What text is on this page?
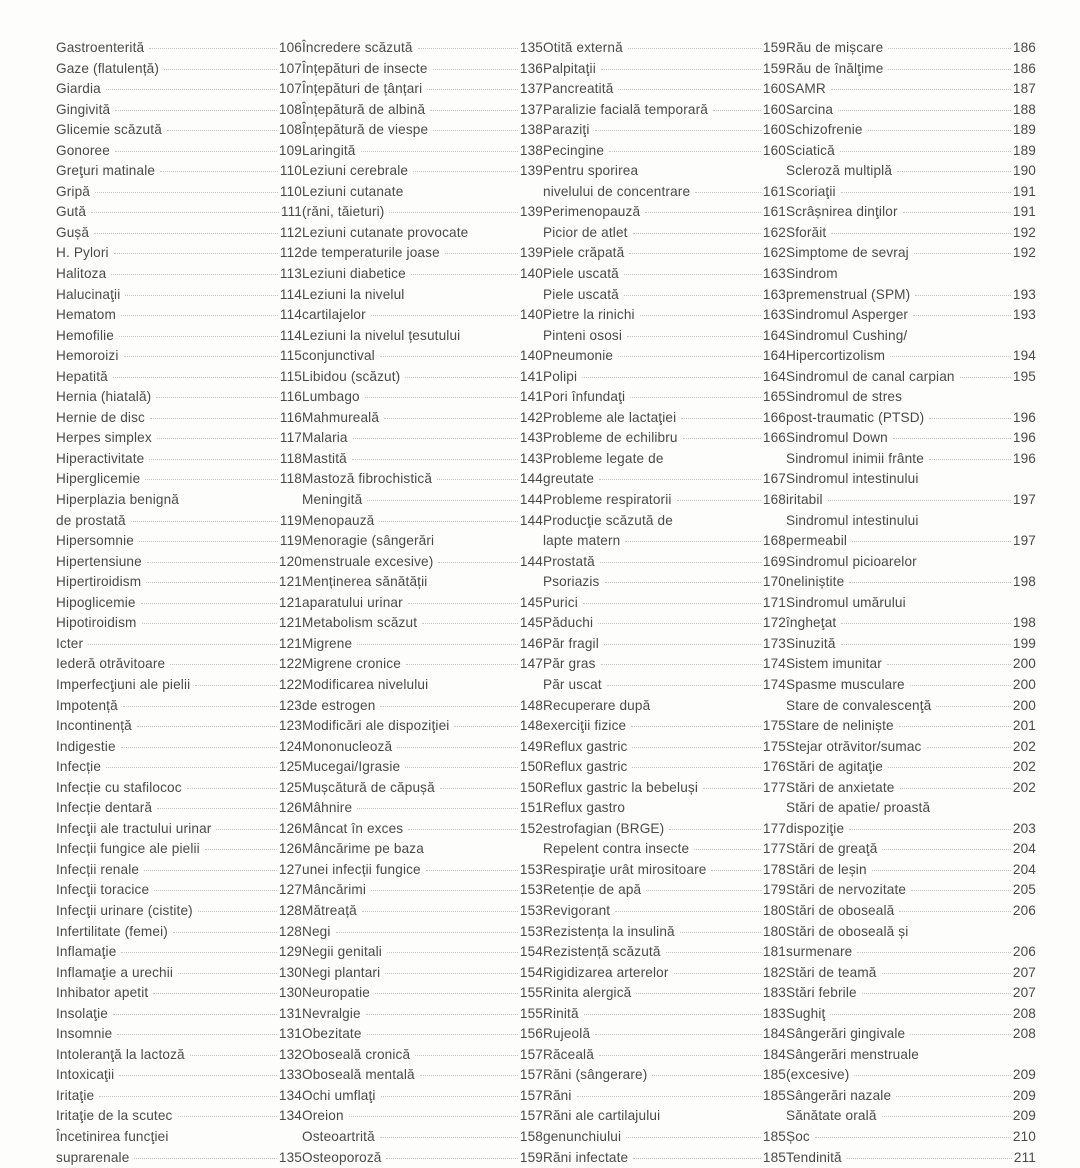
Gastroenterită	106
Gaze (flatulență)	107
Giardia	107
Gingivită	108
Glicemie scăzută	108
Gonoree	109
Greţuri matinale	110
Gripă	110
Gută	111
Gușă	112
H. Pylori	112
Halitoza	113
Halucinaţii	114
Hematom	114
Hemofilie	114
Hemoroizi	115
Hepatită	115
Hernia (hiatală)	116
Hernie de disc	116
Herpes simplex	117
Hiperactivitate	118
Hiperglicemie	118
Hiperplazia benignă
de prostată	119
Hipersomnie	119
Hipertensiune	120
Hipertiroidism	121
Hipoglicemie	121
Hipotiroidism	121
Icter	121
Iederă otrăvitoare	122
Imperfecţiuni ale pielii	122
Impotență	123
Incontinență	123
Indigestie	124
Infecție	125
Infecție cu stafilococ	125
Infecție dentară	126
Infecţii ale tractului urinar	126
Infecții fungice ale pielii	126
Infecții renale	127
Infecţii toracice	127
Infecţii urinare (cistite)	128
Infertilitate (femei)	128
Inflamaţie	129
Inflamaţie a urechii	130
Inhibator apetit	130
Insolaţie	131
Insomnie	131
Intoleranţă la lactoză	132
Intoxicaţii	133
Iritaţie	134
Iritaţie de la scutec	134
Încetinirea funcţiei
suprarenale	135
Încredere scăzută	135
Înțepături de insecte	136
Înțepături de țânțari	137
Înțepătură de albină	137
Înțepătură de viespe	138
Laringită	138
Leziuni cerebrale	139
Leziuni cutanate
(răni, tăieturi)	139
Leziuni cutanate provocate
de temperaturile joase	139
Leziuni diabetice	140
Leziuni la nivelul
cartilajelor	140
Leziuni la nivelul țesutului
conjunctival	140
Libidou (scăzut)	141
Lumbago	141
Mahmureală	142
Malaria	143
Mastită	143
Mastoză fibrochistică	144
Meningită	144
Menopauză	144
Menoragie (sângerări
menstruale excesive)	144
Menținerea sănătății
aparatului urinar	145
Metabolism scăzut	145
Migrene	146
Migrene cronice	147
Modificarea nivelului
de estrogen	148
Modificări ale dispoziţiei	148
Mononucleoză	149
Mucegai/Igrasie	150
Mușcătură de căpușă	150
Mâhnire	151
Mâncat în exces	152
Mâncărime pe baza
unei infecții fungice	153
Mâncărimi	153
Mătreață	153
Negi	153
Negii genitali	154
Negi plantari	154
Neuropatie	155
Nevralgie	155
Obezitate	156
Oboseală cronică	157
Oboseală mentală	157
Ochi umflaţi	157
Oreion	157
Osteoartrită	158
Osteoporoză	159
Otită externă	159
Palpitaţii	159
Pancreatită	160
Paralizie facială temporară	160
Paraziţi	160
Pecingine	160
Pentru sporirea
nivelului de concentrare	161
Perimenopauză	161
Picior de atlet	162
Piele crăpată	162
Piele uscată	163
Piele uscată	163
Pietre la rinichi	163
Pinteni ososi	164
Pneumonie	164
Polipi	164
Pori înfundaţi	165
Probleme ale lactaţiei	166
Probleme de echilibru	166
Probleme legate de
greutate	167
Probleme respiratorii	168
Producţie scăzută de
lapte matern	168
Prostată	169
Psoriazis	170
Purici	171
Păduchi	172
Păr fragil	173
Păr gras	174
Păr uscat	174
Recuperare după
exerciţii fizice	175
Reflux gastric	175
Reflux gastric	176
Reflux gastric la bebeluși	177
Reflux gastro
estrofagian (BRGE)	177
Repelent contra insecte	177
Respiraţie urât mirositoare	178
Retenție de apă	179
Revigorant	180
Rezistența la insulină	180
Rezistență scăzută	181
Rigidizarea arterelor	182
Rinita alergică	183
Rinită	183
Rujeolă	184
Răceală	184
Răni (sângerare)	185
Răni	185
Răni ale cartilajului
genunchiului	185
Răni infectate	185
Rău de mișcare	186
Rău de înălţime	186
SAMR	187
Sarcina	188
Schizofrenie	189
Sciatică	189
Scleroză multiplă	190
Scoriaţii	191
Scrâșnirea dinţilor	191
Sforăit	192
Simptome de sevraj	192
Sindrom
premenstrual (SPM)	193
Sindromul Asperger	193
Sindromul Cushing/
Hipercortizolism	194
Sindromul de canal carpian	195
Sindromul de stres
post-traumatic (PTSD)	196
Sindromul Down	196
Sindromul inimii frânte	196
Sindromul intestinului
iritabil	197
Sindromul intestinului
permeabil	197
Sindromul picioarelor
neliniștite	198
Sindromul umărului
îngheţat	198
Sinuzită	199
Sistem imunitar	200
Spasme musculare	200
Stare de convalescenţă	200
Stare de neliniște	201
Stejar otrăvitor/sumac	202
Stări de agitaţie	202
Stări de anxietate	202
Stări de apatie/ proastă
dispoziţie	203
Stări de greaţă	204
Stări de leșin	204
Stări de nervozitate	205
Stări de oboseală	206
Stări de oboseală și
surmenare	206
Stări de teamă	207
Stări febrile	207
Sughiţ	208
Sângerări gingivale	208
Sângerări menstruale
(excesive)	209
Sângerări nazale	209
Sănătate orală	209
Șoc	210
Tendinită	211
